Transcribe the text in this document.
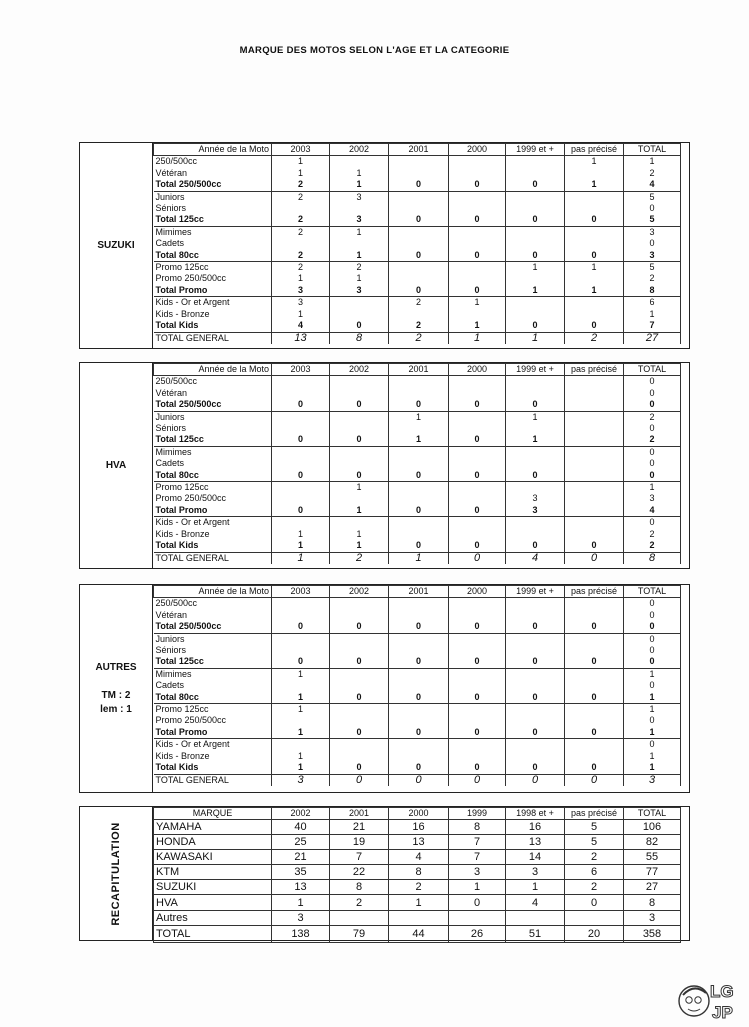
MARQUE DES MOTOS SELON L'AGE ET LA CATEGORIE
SUZUKI
Année de la Moto	2003	2002	2001	2000	1999 et +	pas précisé	TOTAL
250/500cc	1					1	1
Vétéran	1	1					2
Total 250/500cc	2	1	0	0	0	1	4
Juniors	2	3					5
Séniors							0
Total 125cc	2	3	0	0	0	0	5
Mimimes	2	1					3
Cadets							0
Total 80cc	2	1	0	0	0	0	3
Promo 125cc	2	2			1	1	5
Promo 250/500cc	1	1					2
Total Promo	3	3	0	0	1	1	8
Kids - Or et Argent	3		2	1			6
Kids - Bronze	1						1
Total Kids	4	0	2	1	0	0	7
TOTAL GENERAL	13	8	2	1	1	2	27
HVA
Année de la Moto	2003	2002	2001	2000	1999 et +	pas précisé	TOTAL
250/500cc							0
Vétéran							0
Total 250/500cc	0	0	0	0	0		0
Juniors			1		1		2
Séniors							0
Total 125cc	0	0	1	0	1		2
Mimimes							0
Cadets							0
Total 80cc	0	0	0	0	0		0
Promo 125cc		1					1
Promo 250/500cc					3		3
Total Promo	0	1	0	0	3		4
Kids - Or et Argent							0
Kids - Bronze	1	1					2
Total Kids	1	1	0	0	0	0	2
TOTAL GENERAL	1	2	1	0	4	0	8
AUTRES

TM : 2
lem : 1
Année de la Moto	2003	2002	2001	2000	1999 et +	pas précisé	TOTAL
250/500cc							0
Vétéran							0
Total 250/500cc	0	0	0	0	0	0	0
Juniors							0
Séniors							0
Total 125cc	0	0	0	0	0	0	0
Mimimes	1						1
Cadets							0
Total 80cc	1	0	0	0	0	0	1
Promo 125cc	1						1
Promo 250/500cc							0
Total Promo	1	0	0	0	0	0	1
Kids - Or et Argent							0
Kids - Bronze	1						1
Total Kids	1	0	0	0	0	0	1
TOTAL GENERAL	3	0	0	0	0	0	3
RECAPITULATION
MARQUE	2002	2001	2000	1999	1998 et +	pas précisé	TOTAL
YAMAHA	40	21	16	8	16	5	106
HONDA	25	19	13	7	13	5	82
KAWASAKI	21	7	4	7	14	2	55
KTM	35	22	8	3	3	6	77
SUZUKI	13	8	2	1	1	2	27
HVA	1	2	1	0	4	0	8
Autres	3						3
TOTAL	138	79	44	26	51	20	358
LG
JP
